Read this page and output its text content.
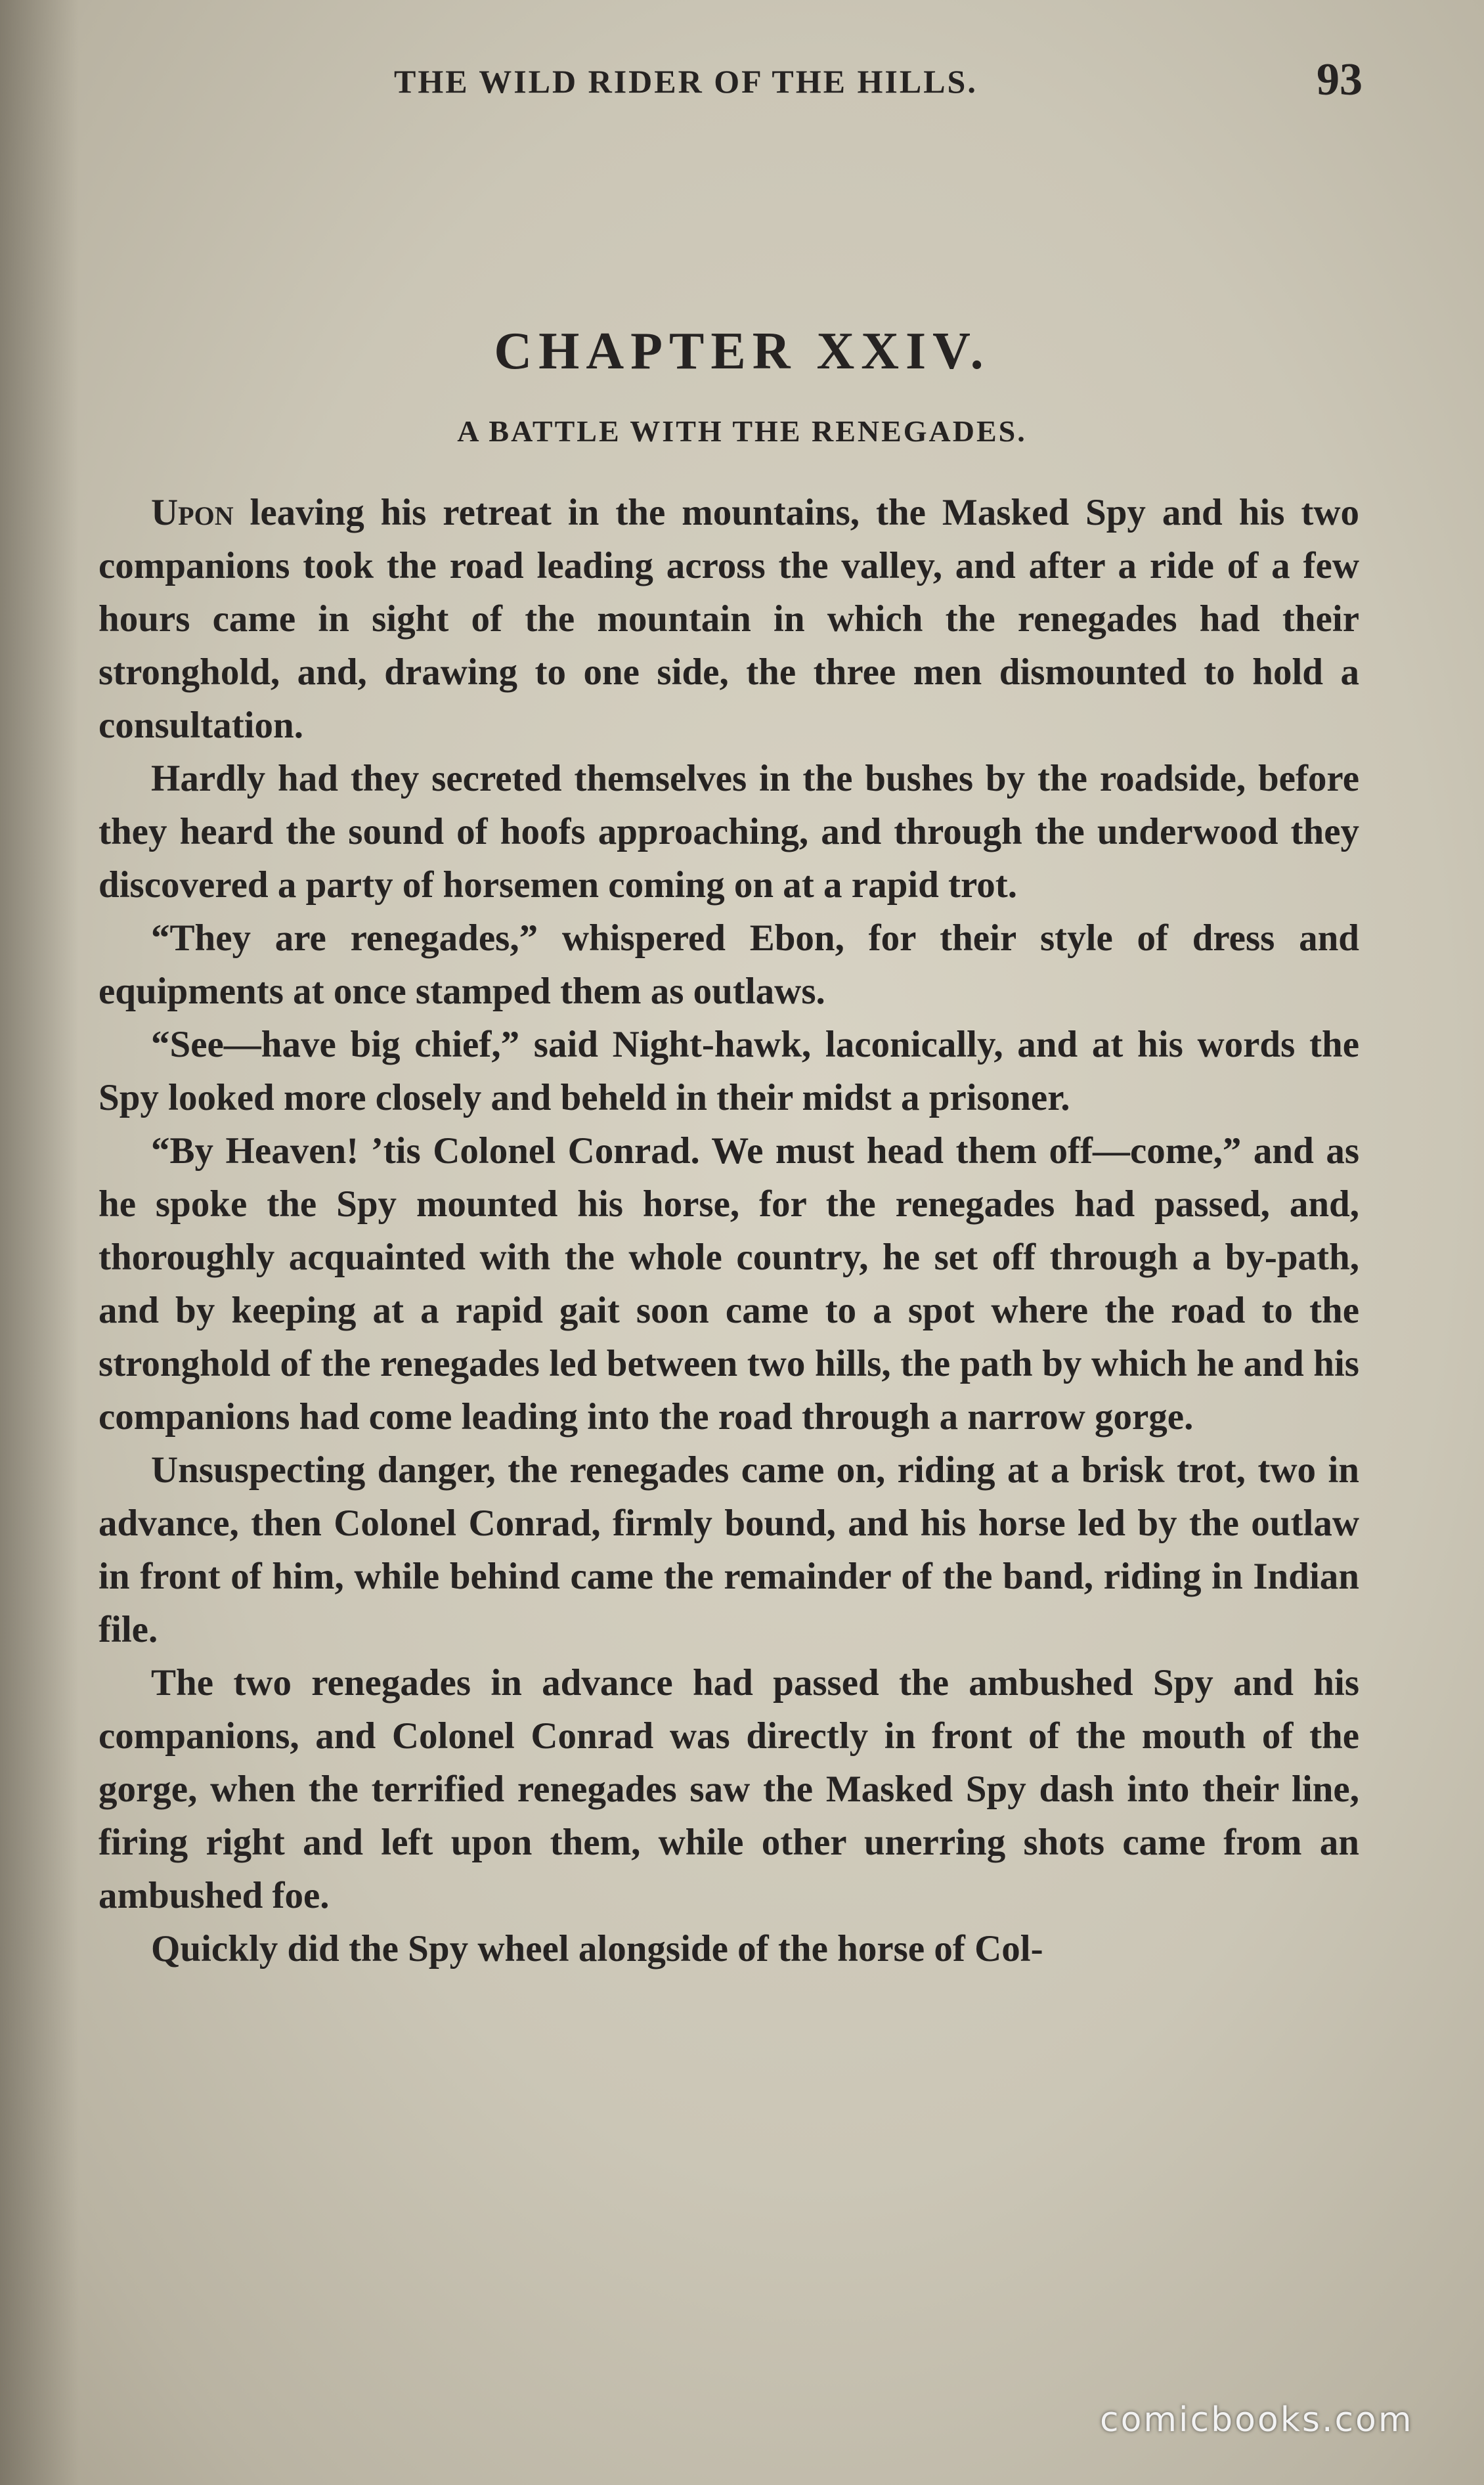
THE WILD RIDER OF THE HILLS.	93
CHAPTER XXIV.
A BATTLE WITH THE RENEGADES.

Upon leaving his retreat in the mountains, the Masked Spy and his two companions took the road leading across the valley, and after a ride of a few hours came in sight of the mountain in which the renegades had their stronghold, and, drawing to one side, the three men dismounted to hold a consultation.

Hardly had they secreted themselves in the bushes by the roadside, before they heard the sound of hoofs approaching, and through the underwood they discovered a party of horsemen coming on at a rapid trot.

“They are renegades,” whispered Ebon, for their style of dress and equipments at once stamped them as outlaws.

“See—have big chief,” said Night-hawk, laconically, and at his words the Spy looked more closely and beheld in their midst a prisoner.

“By Heaven! ’tis Colonel Conrad. We must head them off—come,” and as he spoke the Spy mounted his horse, for the renegades had passed, and, thoroughly acquainted with the whole country, he set off through a by-path, and by keeping at a rapid gait soon came to a spot where the road to the stronghold of the renegades led between two hills, the path by which he and his companions had come leading into the road through a narrow gorge.

Unsuspecting danger, the renegades came on, riding at a brisk trot, two in advance, then Colonel Conrad, firmly bound, and his horse led by the outlaw in front of him, while behind came the remainder of the band, riding in Indian file.

The two renegades in advance had passed the ambushed Spy and his companions, and Colonel Conrad was directly in front of the mouth of the gorge, when the terrified renegades saw the Masked Spy dash into their line, firing right and left upon them, while other unerring shots came from an ambushed foe.

Quickly did the Spy wheel alongside of the horse of Col-

comicbooks.com
